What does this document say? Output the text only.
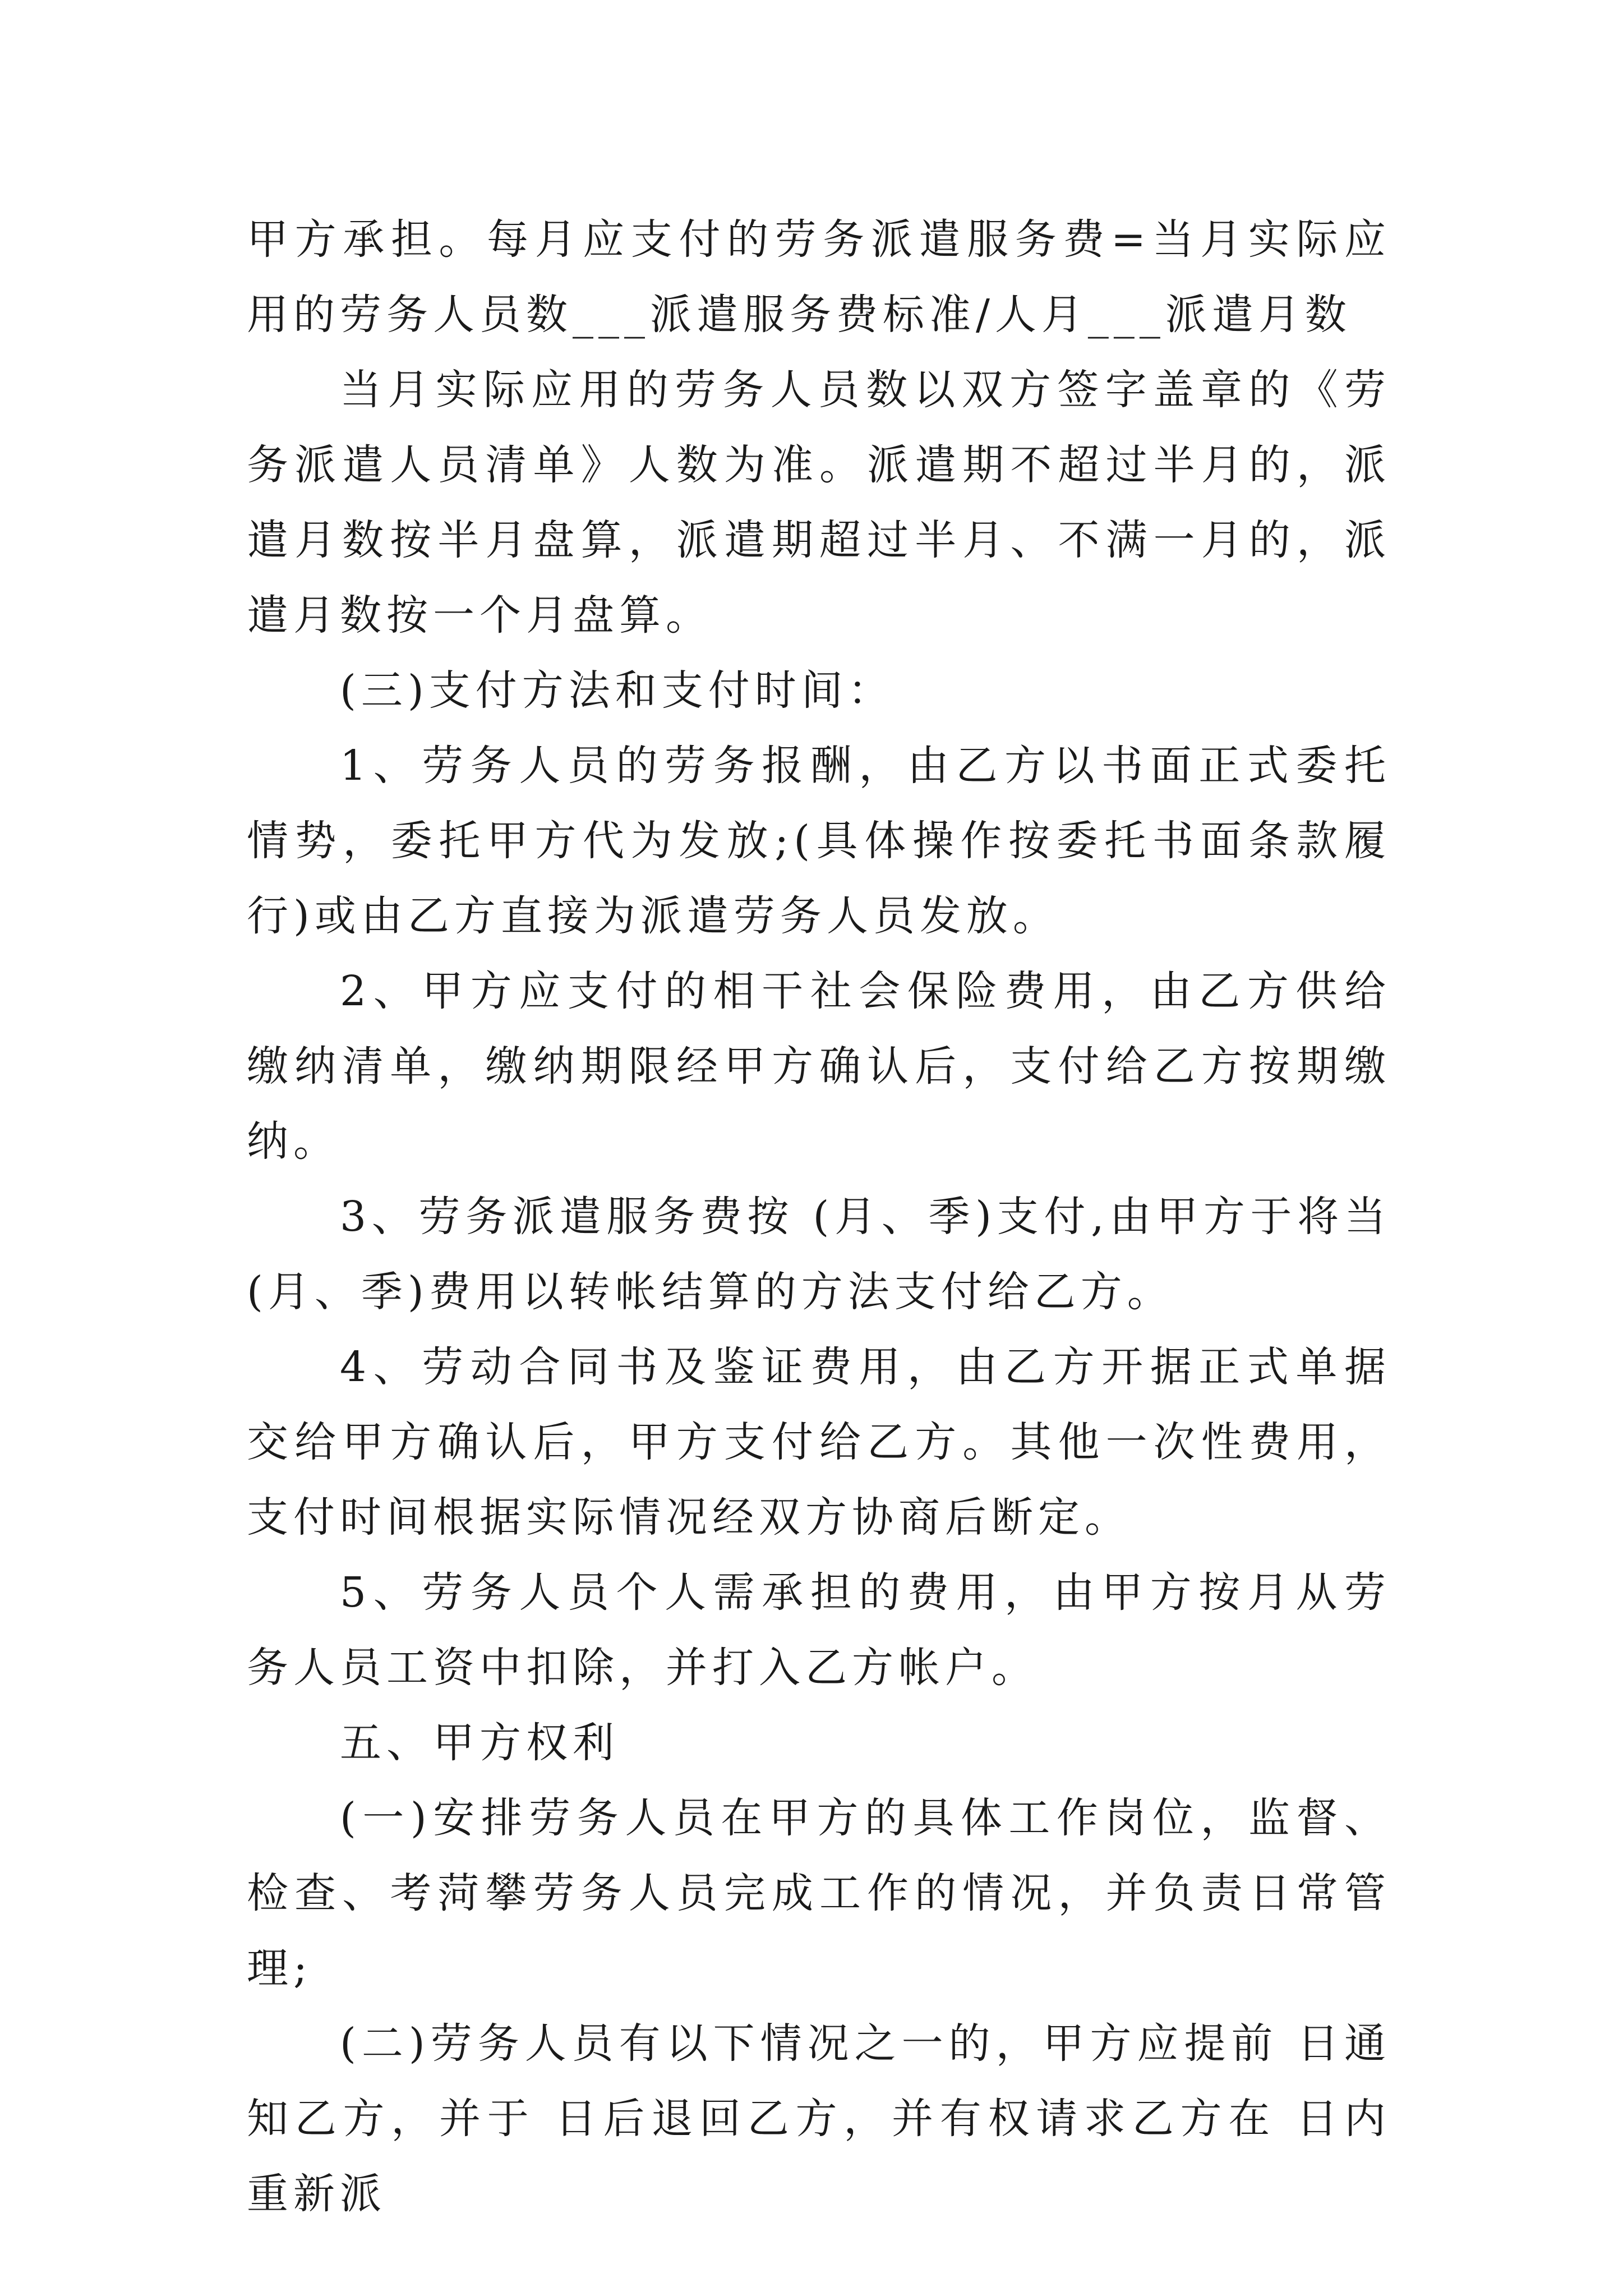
甲方承担。每月应支付的劳务派遣服务费=当月实际应用的劳务人员数___派遣服务费标准/人月___派遣月数

当月实际应用的劳务人员数以双方签字盖章的《劳务派遣人员清单》人数为准。派遣期不超过半月的，派遣月数按半月盘算，派遣期超过半月、不满一月的，派遣月数按一个月盘算。

(三)支付方法和支付时间：

1、劳务人员的劳务报酬，由乙方以书面正式委托情势，委托甲方代为发放;(具体操作按委托书面条款履行)或由乙方直接为派遣劳务人员发放。

2、甲方应支付的相干社会保险费用，由乙方供给缴纳清单，缴纳期限经甲方确认后，支付给乙方按期缴纳。

3、劳务派遣服务费按 (月、季)支付,由甲方于将当 (月、季)费用以转帐结算的方法支付给乙方。

4、劳动合同书及鉴证费用，由乙方开据正式单据交给甲方确认后，甲方支付给乙方。其他一次性费用，支付时间根据实际情况经双方协商后断定。

5、劳务人员个人需承担的费用，由甲方按月从劳务人员工资中扣除，并打入乙方帐户。

五、甲方权利

(一)安排劳务人员在甲方的具体工作岗位，监督、检查、考菏攀劳务人员完成工作的情况，并负责日常管理;

(二)劳务人员有以下情况之一的，甲方应提前 日通知乙方，并于 日后退回乙方，并有权请求乙方在 日内重新派
